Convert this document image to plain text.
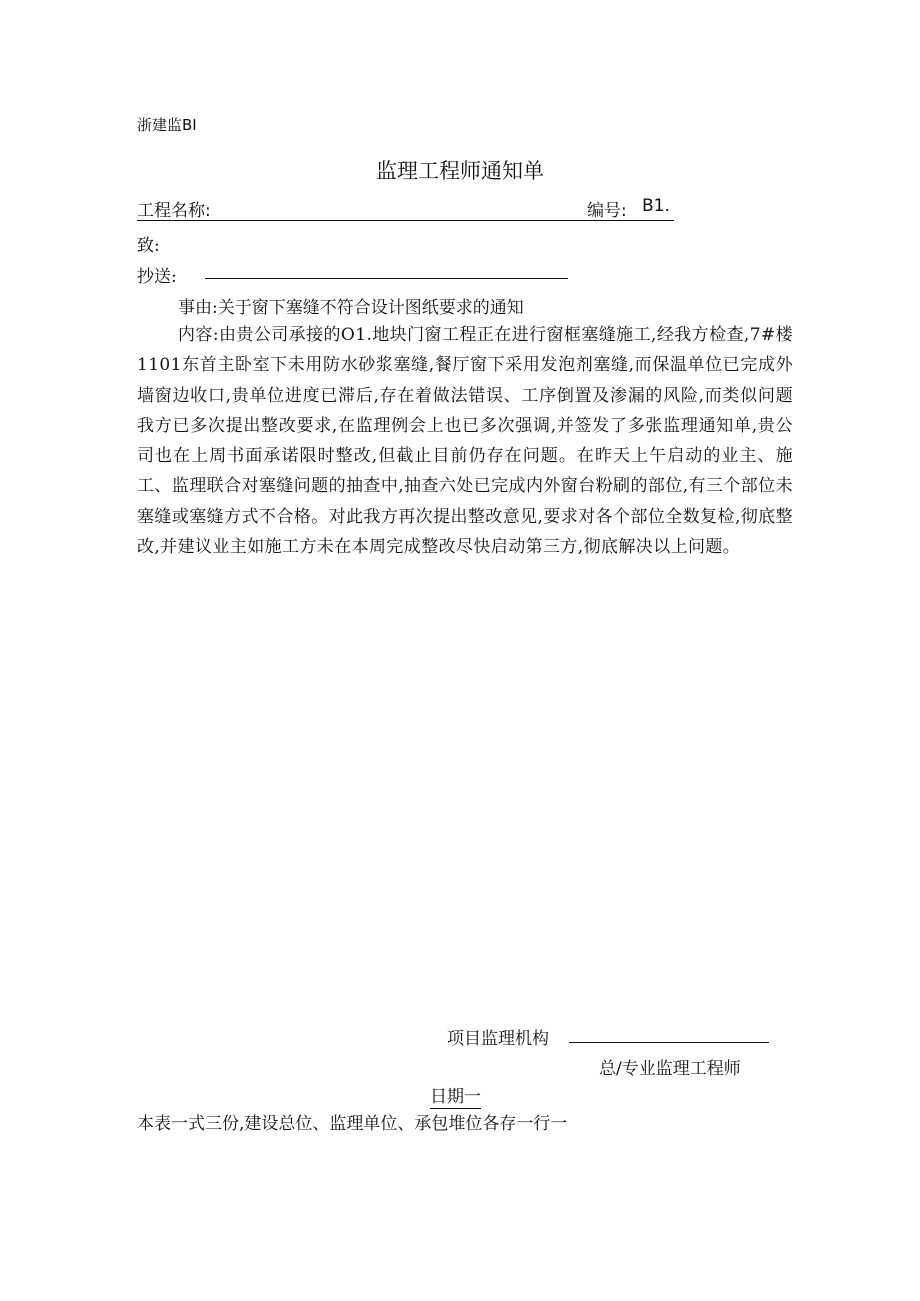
浙建监BI
监理工程师通知单
工程名称:	编号: B1.
致:
抄送:
事由:关于窗下塞缝不符合设计图纸要求的通知
内容:由贵公司承接的O1.地块门窗工程正在进行窗框塞缝施工,经我方检查,7#楼1101东首主卧室下未用防水砂浆塞缝,餐厅窗下采用发泡剂塞缝,而保温单位已完成外墙窗边收口,贵单位进度已滞后,存在着做法错误、工序倒置及渗漏的风险,而类似问题我方已多次提出整改要求,在监理例会上也已多次强调,并签发了多张监理通知单,贵公司也在上周书面承诺限时整改,但截止目前仍存在问题。在昨天上午启动的业主、施工、监理联合对塞缝问题的抽查中,抽查六处已完成内外窗台粉刷的部位,有三个部位未塞缝或塞缝方式不合格。对此我方再次提出整改意见,要求对各个部位全数复检,彻底整改,并建议业主如施工方未在本周完成整改尽快启动第三方,彻底解决以上问题。
项目监理机构
总/专业监理工程师
日期一
本表一式三份,建设总位、监理单位、承包堆位各存一行一
